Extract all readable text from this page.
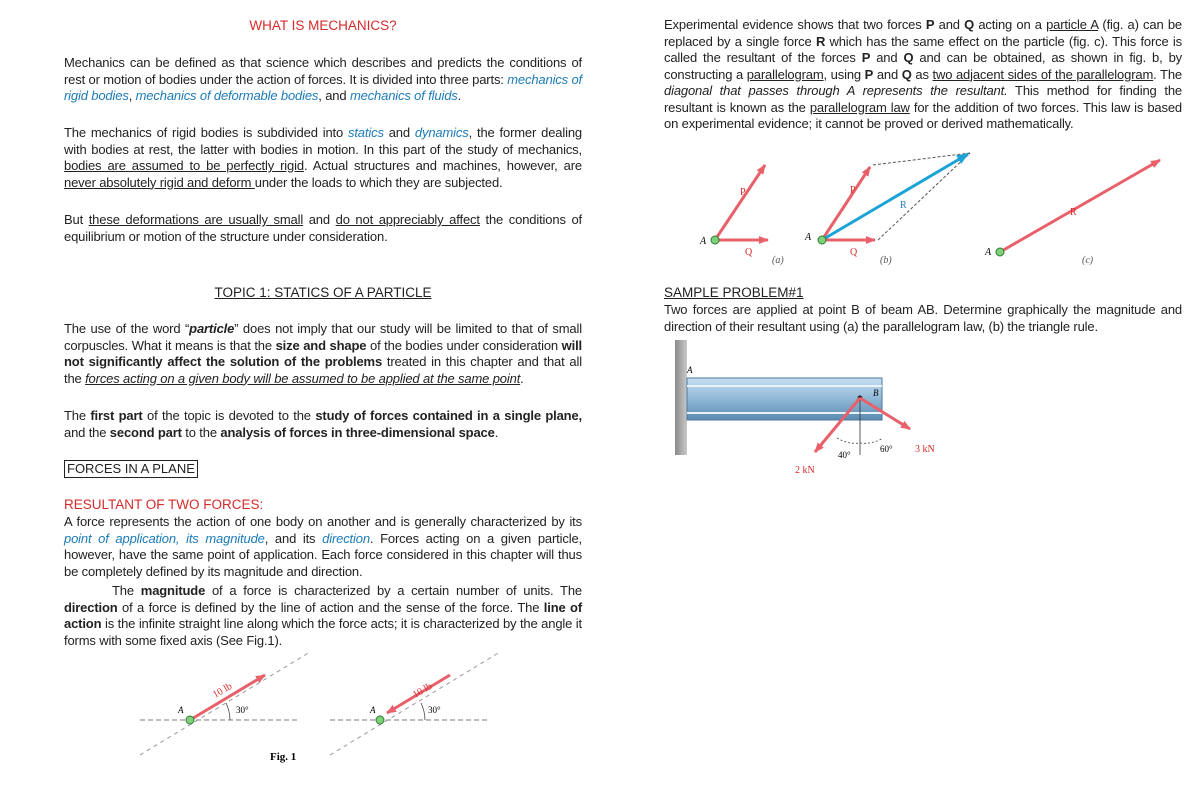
WHAT IS MECHANICS?

Mechanics can be defined as that science which describes and predicts the conditions of rest or motion of bodies under the action of forces. It is divided into three parts: mechanics of rigid bodies, mechanics of deformable bodies, and mechanics of fluids.

The mechanics of rigid bodies is subdivided into statics and dynamics, the former dealing with bodies at rest, the latter with bodies in motion. In this part of the study of mechanics, bodies are assumed to be perfectly rigid. Actual structures and machines, however, are never absolutely rigid and deform under the loads to which they are subjected.

But these deformations are usually small and do not appreciably affect the conditions of equilibrium or motion of the structure under consideration.

TOPIC 1: STATICS OF A PARTICLE

The use of the word “particle” does not imply that our study will be limited to that of small corpuscles. What it means is that the size and shape of the bodies under consideration will not significantly affect the solution of the problems treated in this chapter and that all the forces acting on a given body will be assumed to be applied at the same point.

The first part of the topic is devoted to the study of forces contained in a single plane, and the second part to the analysis of forces in three-dimensional space.

FORCES IN A PLANE
RESULTANT OF TWO FORCES:

A force represents the action of one body on another and is generally characterized by its point of application, its magnitude, and its direction. Forces acting on a given particle, however, have the same point of application. Each force considered in this chapter will thus be completely defined by its magnitude and direction.

The magnitude of a force is characterized by a certain number of units. The direction of a force is defined by the line of action and the sense of the force. The line of action is the infinite straight line along which the force acts; it is characterized by the angle it forms with some fixed axis (See Fig.1).

A
10 lb
30°	A
10 lb
30°
Fig. 1

Experimental evidence shows that two forces P and Q acting on a particle A (fig. a) can be replaced by a single force R which has the same effect on the particle (fig. c). This force is called the resultant of the forces P and Q and can be obtained, as shown in fig. b, by constructing a parallelogram, using P and Q as two adjacent sides of the parallelogram. The diagonal that passes through A represents the resultant. This method for finding the resultant is known as the parallelogram law for the addition of two forces. This law is based on experimental evidence; it cannot be proved or derived mathematically.

SAMPLE PROBLEM#1

Two forces are applied at point B of beam AB. Determine graphically the magnitude and direction of their resultant using (a) the parallelogram law, (b) the triangle rule.

A
P
Q
(a)
A
P
Q
R
(b)
A
R
(c)
A
B
40°
60° 3 kN
2 kN
